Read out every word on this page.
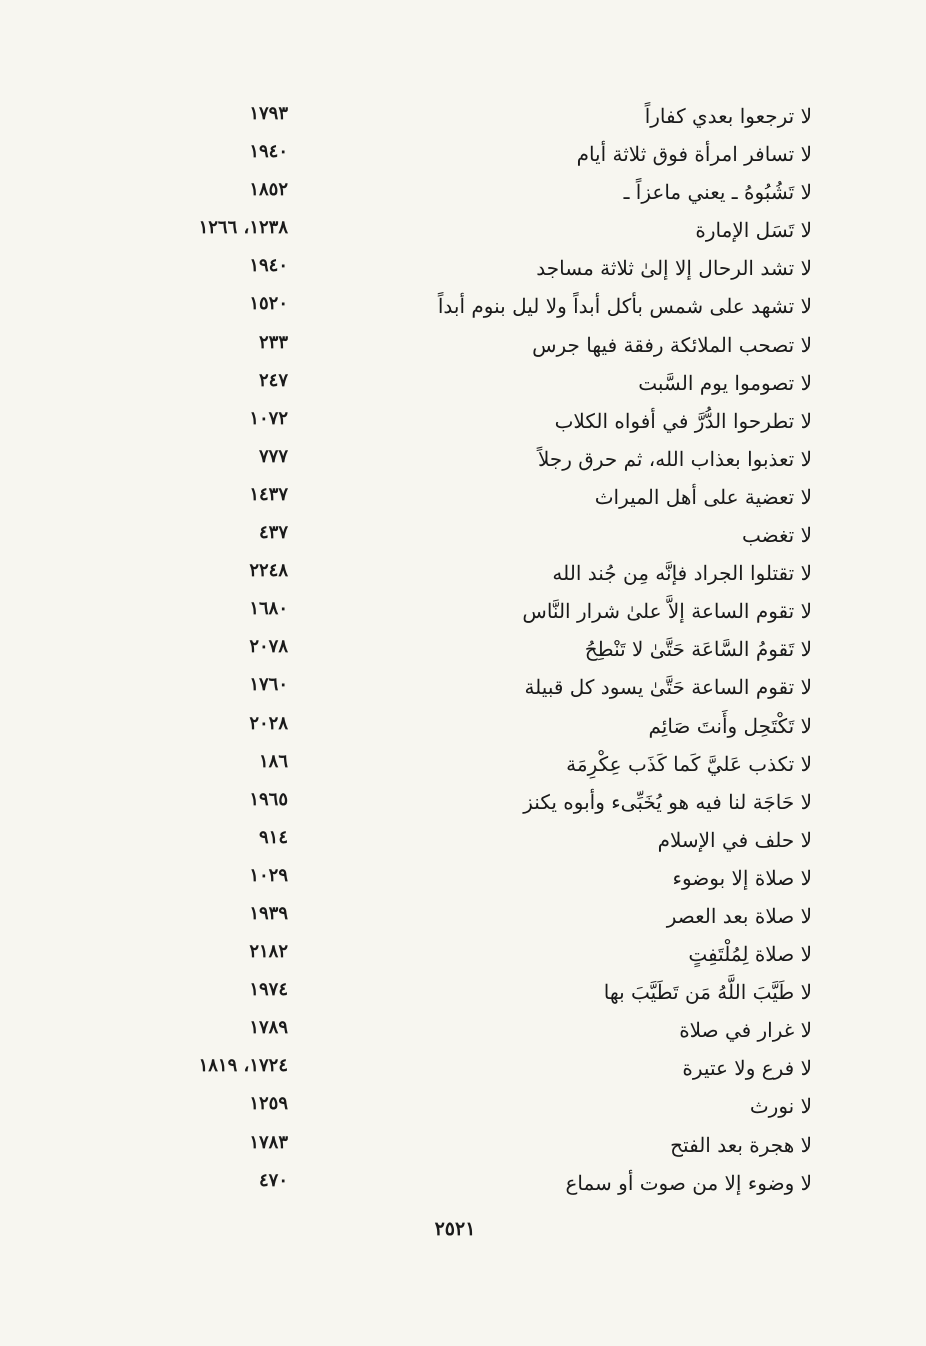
لا ترجعوا بعدي كفاراً
١٧٩٣
لا تسافر امرأة فوق ثلاثة أيام
١٩٤٠
لا تَشُبُوهُ ـ يعني ماعزاً ـ
١٨٥٢
لا تَسَل الإمارة
١٢٣٨، ١٢٦٦
لا تشد الرحال إلا إلىٰ ثلاثة مساجد
١٩٤٠
لا تشهد على شمس بأكل أبداً ولا ليل بنوم أبداً
١٥٢٠
لا تصحب الملائكة رفقة فيها جرس
٢٣٣
لا تصوموا يوم السَّبت
٢٤٧
لا تطرحوا الدُّرَّ في أفواه الكلاب
١٠٧٢
لا تعذبوا بعذاب الله، ثم حرق رجلاً
٧٧٧
لا تعضية على أهل الميراث
١٤٣٧
لا تغضب
٤٣٧
لا تقتلوا الجراد فإنَّه مِن جُند الله
٢٢٤٨
لا تقوم الساعة إلاَّ علىٰ شرار النَّاس
١٦٨٠
لا تَقومُ السَّاعَة حَتَّىٰ لا تَنْطِحُ
٢٠٧٨
لا تقوم الساعة حَتَّىٰ يسود كل قبيلة
١٧٦٠
لا تَكْتَحِل وأَنتَ صَائِم
٢٠٢٨
لا تكذب عَليَّ كَما كَذَب عِكْرِمَة
١٨٦
لا حَاجَة لنا فيه هو يُخَبِّىء وأبوه يكنز
١٩٦٥
لا حلف في الإسلام
٩١٤
لا صلاة إلا بوضوء
١٠٢٩
لا صلاة بعد العصر
١٩٣٩
لا صلاة لِمُلْتَفِتٍ
٢١٨٢
لا طَيَّبَ اللَّهُ مَن تَطَيَّبَ بها
١٩٧٤
لا غرار في صلاة
١٧٨٩
لا فرع ولا عتيرة
١٧٢٤، ١٨١٩
لا نورث
١٢٥٩
لا هجرة بعد الفتح
١٧٨٣
لا وضوء إلا من صوت أو سماع
٤٧٠
٢٥٢١
